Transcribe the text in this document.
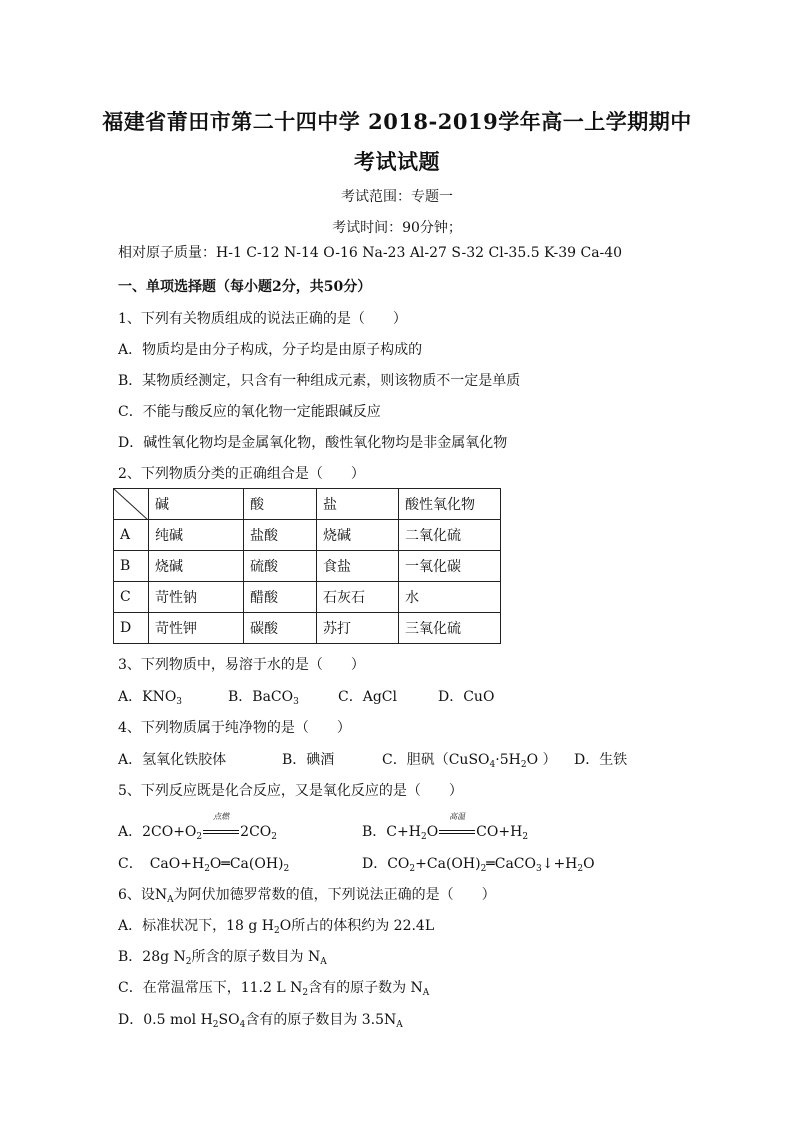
福建省莆田市第二十四中学 2018-2019学年高一上学期期中
考试试题
考试范围：专题一
考试时间：90分钟；
相对原子质量：H-1 C-12 N-14 O-16 Na-23 Al-27 S-32 Cl-35.5 K-39 Ca-40
一、单项选择题（每小题2分，共50分）
1、下列有关物质组成的说法正确的是（　　）
A．物质均是由分子构成，分子均是由原子构成的
B．某物质经测定，只含有一种组成元素，则该物质不一定是单质
C．不能与酸反应的氧化物一定能跟碱反应
D．碱性氧化物均是金属氧化物，酸性氧化物均是非金属氧化物
2、下列物质分类的正确组合是（　　）
	碱	酸	盐	酸性氧化物
A	纯碱	盐酸	烧碱	二氧化硫
B	烧碱	硫酸	食盐	一氧化碳
C	苛性钠	醋酸	石灰石	水
D	苛性钾	碳酸	苏打	三氧化硫
3、下列物质中，易溶于水的是（　　）
A．$KNO_3$	B．BaCO$_3$	C．AgCl	D．CuO
4、下列物质属于纯净物的是（　　）
A．氢氧化铁胶体	B．碘酒	C．胆矾（$CuSO_4\cdot 5H_2O$ ） D．生铁
5、下列反应既是化合反应，又是氧化反应的是（　　）
A．$2CO+O_2$
点燃
$2CO_2$	B．$C+H_2O$
高温
$CO+H_2$
C．　$CaO+H_2O═Ca(OH)_2$	D．$CO_2+Ca(OH)_2═CaCO_3↓+H_2O$
6、设$N_A$为阿伏加德罗常数的值，下列说法正确的是（　　）
A．标准状况下，18 g $H_2O$所占的体积约为 22.4L
B．28g $N_2$所含的原子数目为 $N_A$
C．在常温常压下，11.2 L $N_2$含有的原子数为 $N_A$
D．0.5 mol $H_2SO_4$含有的原子数目为 $3.5N_A$
